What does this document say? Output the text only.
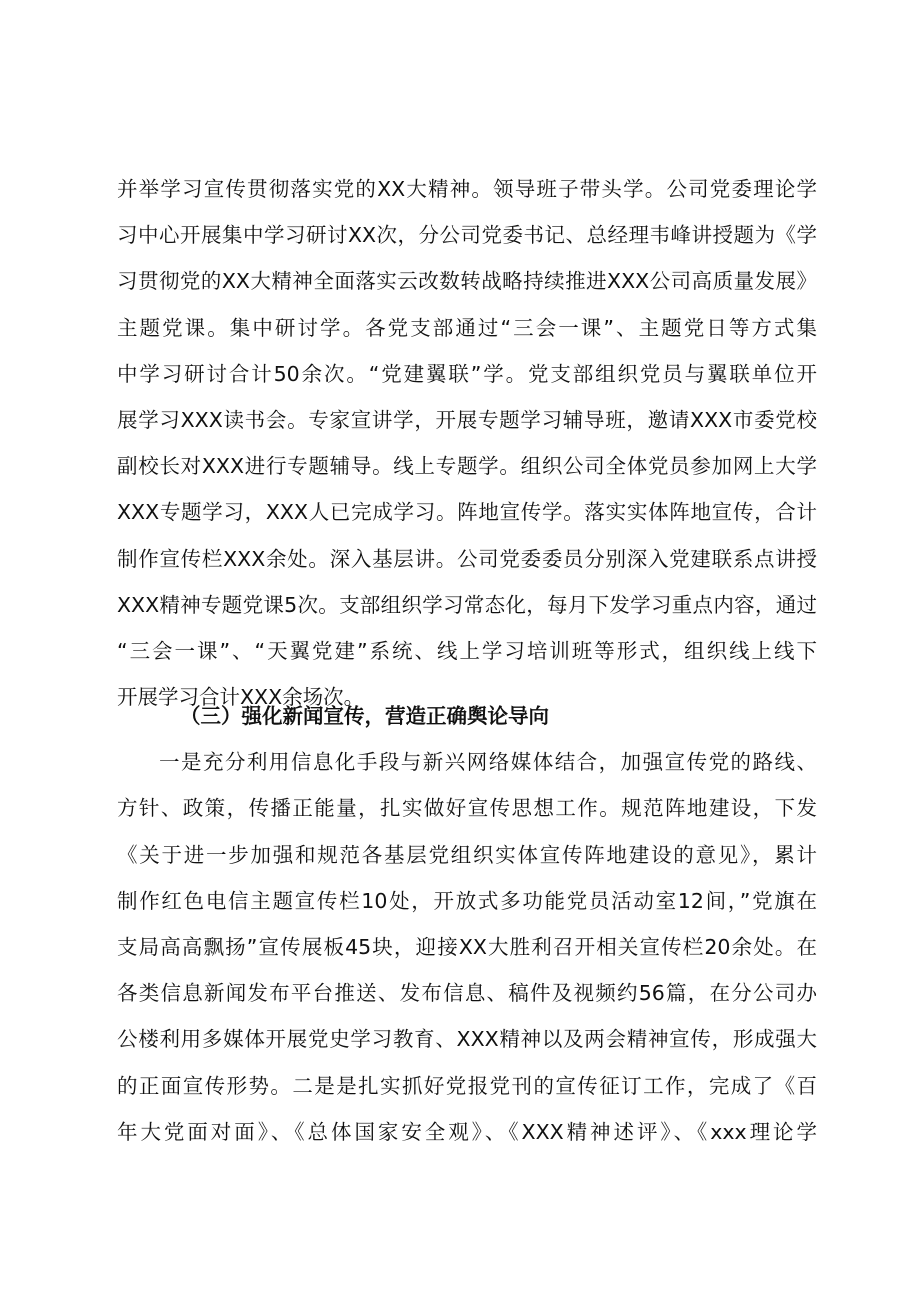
并举学习宣传贯彻落实党的XX大精神。领导班子带头学。公司党委理论学
习中心开展集中学习研讨XX次，分公司党委书记、总经理韦峰讲授题为《学
习贯彻党的XX大精神全面落实云改数转战略持续推进XXX公司高质量发展》
主题党课。集中研讨学。各党支部通过“三会一课”、主题党日等方式集
中学习研讨合计50余次。“党建翼联”学。党支部组织党员与翼联单位开
展学习XXX读书会。专家宣讲学，开展专题学习辅导班，邀请XXX市委党校
副校长对XXX进行专题辅导。线上专题学。组织公司全体党员参加网上大学
XXX专题学习，XXX人已完成学习。阵地宣传学。落实实体阵地宣传，合计
制作宣传栏XXX余处。深入基层讲。公司党委委员分别深入党建联系点讲授
XXX精神专题党课5次。支部组织学习常态化，每月下发学习重点内容，通过
“三会一课”、“天翼党建”系统、线上学习培训班等形式，组织线上线下
开展学习合计XXX余场次。
（三）强化新闻宣传，营造正确舆论导向
一是充分利用信息化手段与新兴网络媒体结合，加强宣传党的路线、
方针、政策，传播正能量，扎实做好宣传思想工作。规范阵地建设，下发
《关于进一步加强和规范各基层党组织实体宣传阵地建设的意见》，累计
制作红色电信主题宣传栏10处，开放式多功能党员活动室12间，”党旗在
支局高高飘扬”宣传展板45块，迎接XX大胜利召开相关宣传栏20余处。在
各类信息新闻发布平台推送、发布信息、稿件及视频约56篇，在分公司办
公楼利用多媒体开展党史学习教育、XXX精神以及两会精神宣传，形成强大
的正面宣传形势。二是是扎实抓好党报党刊的宣传征订工作，完成了《百
年大党面对面》、《总体国家安全观》、《XXX精神述评》、《xxx理论学
